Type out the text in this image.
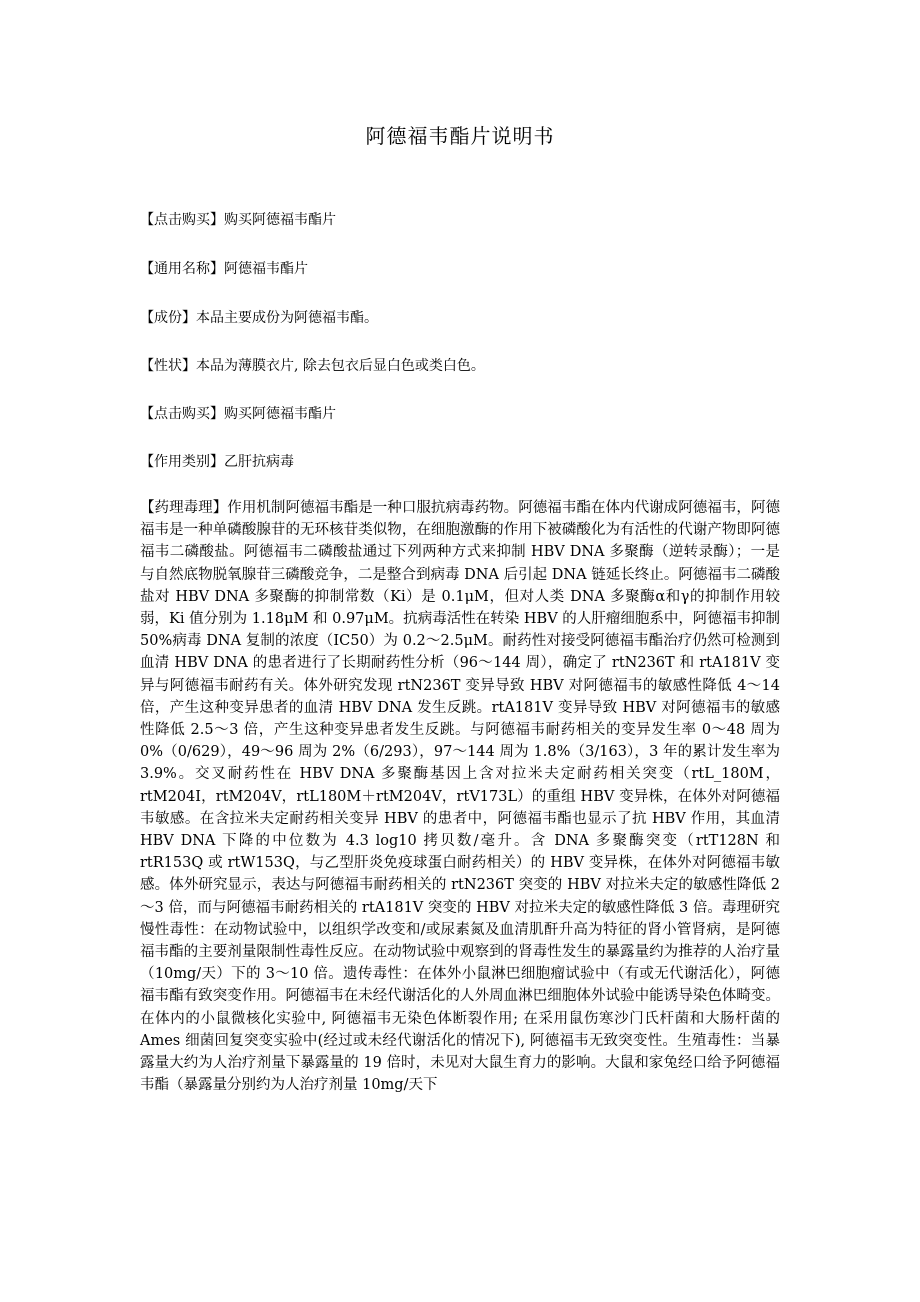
阿德福韦酯片说明书

【点击购买】购买阿德福韦酯片

【通用名称】阿德福韦酯片

【成份】本品主要成份为阿德福韦酯。

【性状】本品为薄膜衣片, 除去包衣后显白色或类白色。

【点击购买】购买阿德福韦酯片

【作用类别】乙肝抗病毒

【药理毒理】作用机制阿德福韦酯是一种口服抗病毒药物。阿德福韦酯在体内代谢成阿德福韦，阿德福韦是一种单磷酸腺苷的无环核苷类似物，在细胞激酶的作用下被磷酸化为有活性的代谢产物即阿德福韦二磷酸盐。阿德福韦二磷酸盐通过下列两种方式来抑制 HBV DNA 多聚酶（逆转录酶）；一是与自然底物脱氧腺苷三磷酸竞争，二是整合到病毒 DNA 后引起 DNA 链延长终止。阿德福韦二磷酸盐对 HBV DNA 多聚酶的抑制常数（Ki）是 0.1μM，但对人类 DNA 多聚酶α和γ的抑制作用较弱，Ki 值分别为 1.18μM 和 0.97μM。抗病毒活性在转染 HBV 的人肝瘤细胞系中，阿德福韦抑制 50%病毒 DNA 复制的浓度（IC50）为 0.2～2.5μM。耐药性对接受阿德福韦酯治疗仍然可检测到血清 HBV DNA 的患者进行了长期耐药性分析（96～144 周），确定了 rtN236T 和 rtA181V 变异与阿德福韦耐药有关。体外研究发现 rtN236T 变异导致 HBV 对阿德福韦的敏感性降低 4～14 倍，产生这种变异患者的血清 HBV DNA 发生反跳。rtA181V 变异导致 HBV 对阿德福韦的敏感性降低 2.5～3 倍，产生这种变异患者发生反跳。与阿德福韦耐药相关的变异发生率 0～48 周为 0%（0/629），49～96 周为 2%（6/293），97～144 周为 1.8%（3/163），3 年的累计发生率为 3.9%。交叉耐药性在 HBV DNA 多聚酶基因上含对拉米夫定耐药相关突变（rtL_180M，rtM204I，rtM204V，rtL180M＋rtM204V，rtV173L）的重组 HBV 变异株，在体外对阿德福韦敏感。在含拉米夫定耐药相关变异 HBV 的患者中，阿德福韦酯也显示了抗 HBV 作用，其血清 HBV DNA 下降的中位数为 4.3 log10 拷贝数/毫升。含 DNA 多聚酶突变（rtT128N 和 rtR153Q 或 rtW153Q，与乙型肝炎免疫球蛋白耐药相关）的 HBV 变异株，在体外对阿德福韦敏感。体外研究显示，表达与阿德福韦耐药相关的 rtN236T 突变的 HBV 对拉米夫定的敏感性降低 2～3 倍，而与阿德福韦耐药相关的 rtA181V 突变的 HBV 对拉米夫定的敏感性降低 3 倍。毒理研究慢性毒性：在动物试验中，以组织学改变和/或尿素氮及血清肌酐升高为特征的肾小管肾病，是阿德福韦酯的主要剂量限制性毒性反应。在动物试验中观察到的肾毒性发生的暴露量约为推荐的人治疗量（10mg/天）下的 3～10 倍。遗传毒性：在体外小鼠淋巴细胞瘤试验中（有或无代谢活化），阿德福韦酯有致突变作用。阿德福韦在未经代谢活化的人外周血淋巴细胞体外试验中能诱导染色体畸变。在体内的小鼠微核化实验中, 阿德福韦无染色体断裂作用; 在采用鼠伤寒沙门氏杆菌和大肠杆菌的 Ames 细菌回复突变实验中(经过或未经代谢活化的情况下), 阿德福韦无致突变性。生殖毒性：当暴露量大约为人治疗剂量下暴露量的 19 倍时，未见对大鼠生育力的影响。大鼠和家兔经口给予阿德福韦酯（暴露量分别约为人治疗剂量 10mg/天下
